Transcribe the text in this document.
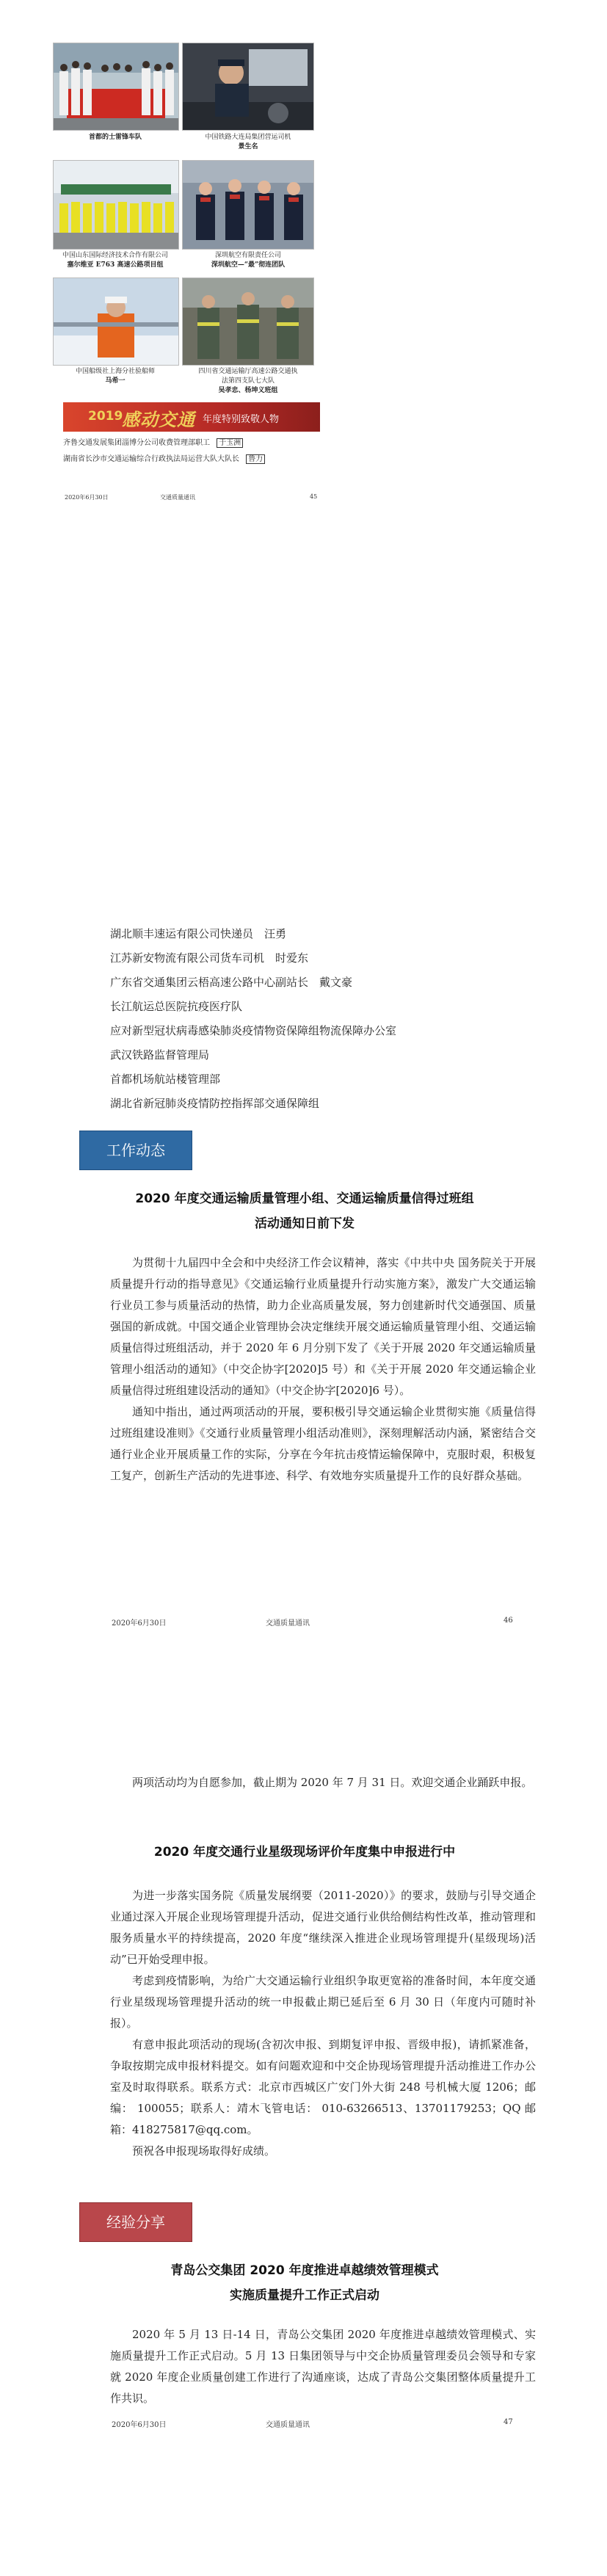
首都的士雷锋车队	中国铁路大连局集团营运司机
景生名
中国山东国际经济技术合作有限公司
塞尔维亚 E763 高速公路项目组
深圳航空有限责任公司
深圳航空—“最”彻连团队
中国船级社上海分社验船师
马希一
四川省交通运输厅高速公路交通执
法第四支队七大队
吴孝忠、杨坤义班组
2019
感动交通 年度特别致敬人物
齐鲁交通发展集团淄博分公司收费管理部职工 于玉洲
湖南省长沙市交通运输综合行政执法局运营大队大队长 鲁力
2020年6月30日	交通质量通讯	45
湖北顺丰速运有限公司快递员　汪勇
江苏新安物流有限公司货车司机　时爱东
广东省交通集团云梧高速公路中心副站长　戴文豪
长江航运总医院抗疫医疗队
应对新型冠状病毒感染肺炎疫情物资保障组物流保障办公室
武汉铁路监督管理局
首都机场航站楼管理部
湖北省新冠肺炎疫情防控指挥部交通保障组
工作动态
2020 年度交通运输质量管理小组、交通运输质量信得过班组
活动通知日前下发

为贯彻十九届四中全会和中央经济工作会议精神，落实《中共中央 国务院关于开展质量提升行动的指导意见》《交通运输行业质量提升行动实施方案》，激发广大交通运输行业员工参与质量活动的热情，助力企业高质量发展，努力创建新时代交通强国、质量强国的新成就。中国交通企业管理协会决定继续开展交通运输质量管理小组、交通运输质量信得过班组活动，并于 2020 年 6 月分别下发了《关于开展 2020 年交通运输质量管理小组活动的通知》（中交企协字[2020]5 号）和《关于开展 2020 年交通运输企业质量信得过班组建设活动的通知》（中交企协字[2020]6 号）。

通知中指出，通过两项活动的开展，要积极引导交通运输企业贯彻实施《质量信得过班组建设准则》《交通行业质量管理小组活动准则》，深刻理解活动内涵，紧密结合交通行业企业开展质量工作的实际，分享在今年抗击疫情运输保障中，克服时艰，积极复工复产，创新生产活动的先进事迹、科学、有效地夯实质量提升工作的良好群众基础。

2020年6月30日	交通质量通讯	46

两项活动均为自愿参加，截止期为 2020 年 7 月 31 日。欢迎交通企业踊跃申报。

2020 年度交通行业星级现场评价年度集中申报进行中

为进一步落实国务院《质量发展纲要（2011-2020）》的要求，鼓励与引导交通企业通过深入开展企业现场管理提升活动，促进交通行业供给侧结构性改革，推动管理和服务质量水平的持续提高，2020 年度“继续深入推进企业现场管理提升(星级现场)活动”已开始受理申报。

考虑到疫情影响，为给广大交通运输行业组织争取更宽裕的准备时间，本年度交通行业星级现场管理提升活动的统一申报截止期已延后至 6 月 30 日（年度内可随时补报）。

有意申报此项活动的现场(含初次申报、到期复评申报、晋级申报)，请抓紧准备，争取按期完成申报材料提交。如有问题欢迎和中交企协现场管理提升活动推进工作办公室及时取得联系。联系方式：北京市西城区广安门外大街 248 号机械大厦 1206；邮编： 100055；联系人：靖木飞管电话： 010-63266513、13701179253；QQ 邮箱：418275817@qq.com。

预祝各申报现场取得好成绩。

经验分享
青岛公交集团 2020 年度推进卓越绩效管理模式
实施质量提升工作正式启动

2020 年 5 月 13 日-14 日，青岛公交集团 2020 年度推进卓越绩效管理模式、实施质量提升工作正式启动。5 月 13 日集团领导与中交企协质量管理委员会领导和专家就 2020 年度企业质量创建工作进行了沟通座谈，达成了青岛公交集团整体质量提升工作共识。

2020年6月30日	交通质量通讯	47
